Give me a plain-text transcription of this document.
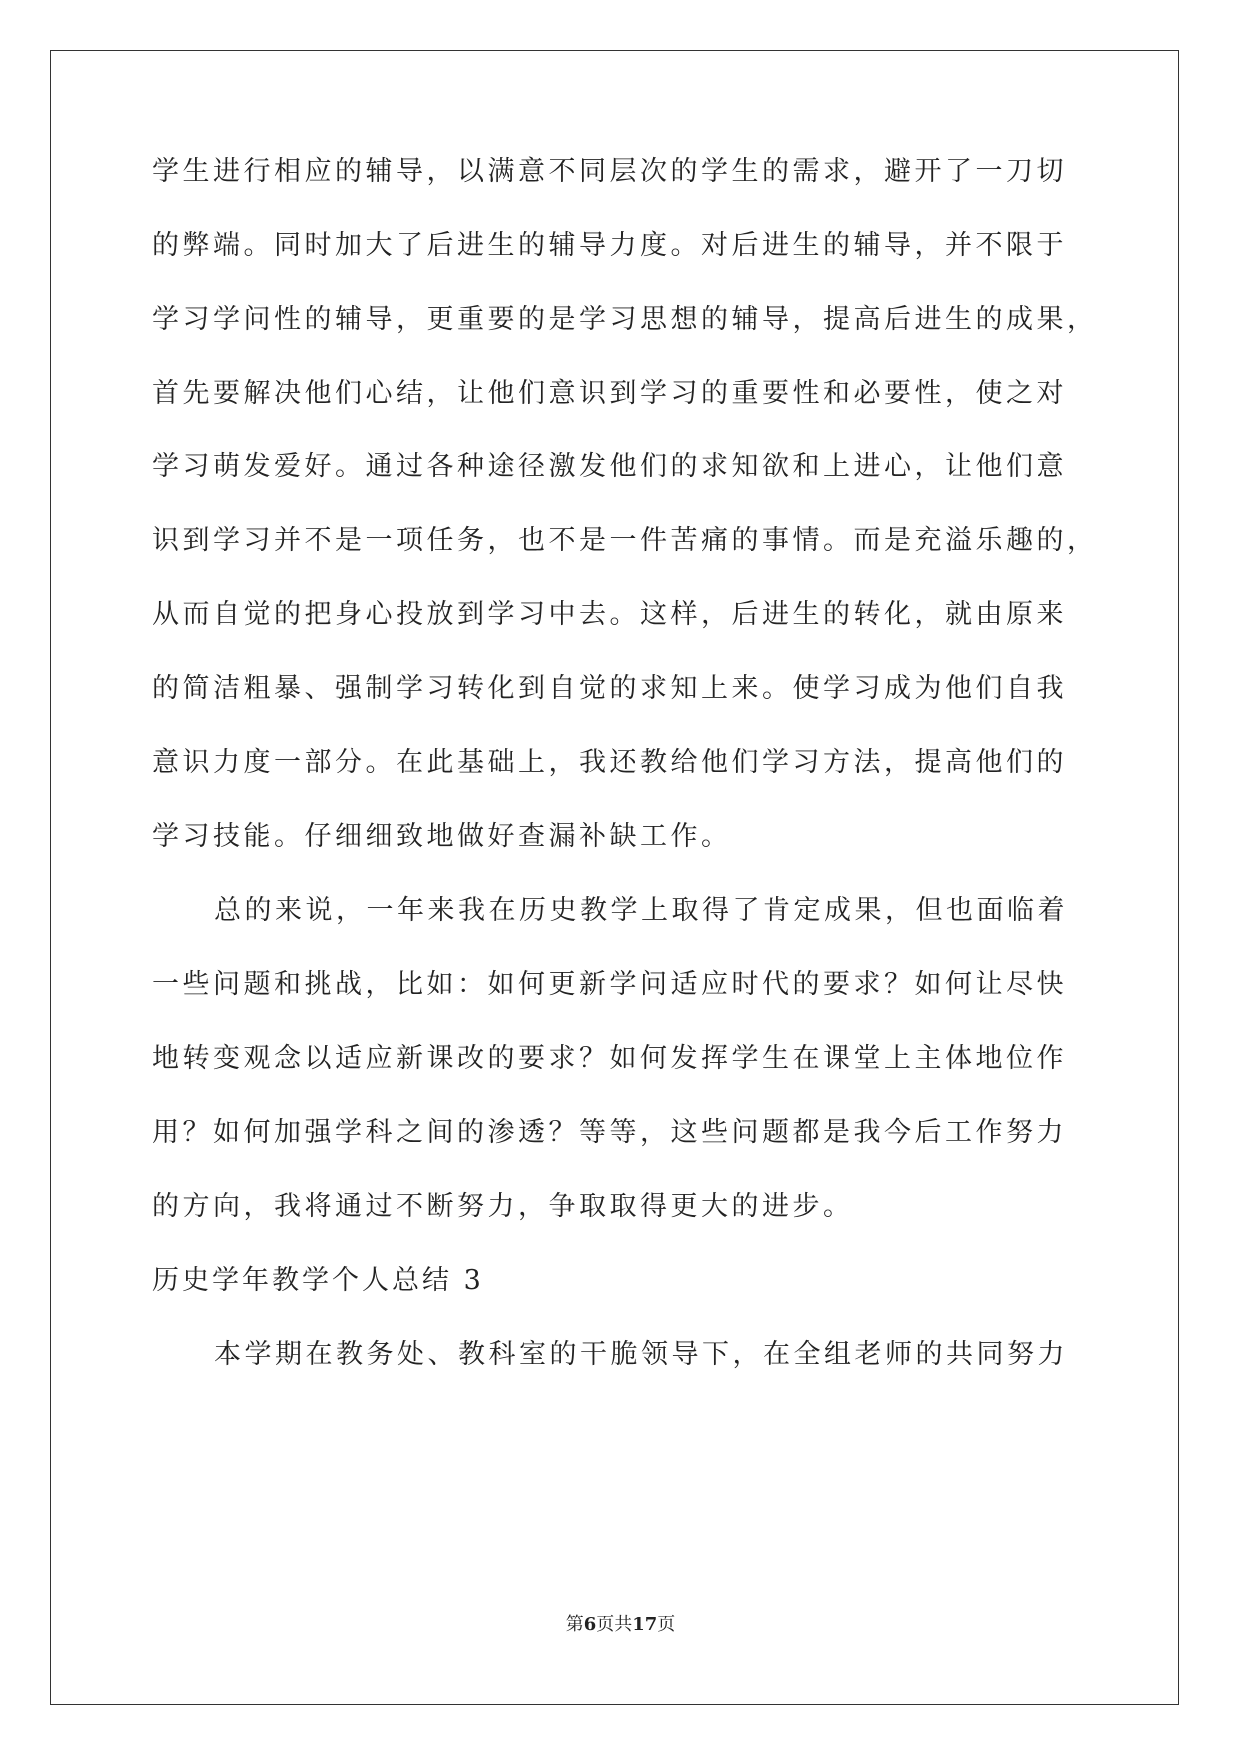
学生进行相应的辅导，以满意不同层次的学生的需求，避开了一刀切
的弊端。同时加大了后进生的辅导力度。对后进生的辅导，并不限于
学习学问性的辅导，更重要的是学习思想的辅导，提高后进生的成果，
首先要解决他们心结，让他们意识到学习的重要性和必要性，使之对
学习萌发爱好。通过各种途径激发他们的求知欲和上进心，让他们意
识到学习并不是一项任务，也不是一件苦痛的事情。而是充溢乐趣的，
从而自觉的把身心投放到学习中去。这样，后进生的转化，就由原来
的简洁粗暴、强制学习转化到自觉的求知上来。使学习成为他们自我
意识力度一部分。在此基础上，我还教给他们学习方法，提高他们的
学习技能。仔细细致地做好查漏补缺工作。
总的来说，一年来我在历史教学上取得了肯定成果，但也面临着
一些问题和挑战，比如：如何更新学问适应时代的要求？如何让尽快
地转变观念以适应新课改的要求？如何发挥学生在课堂上主体地位作
用？如何加强学科之间的渗透？等等，这些问题都是我今后工作努力
的方向，我将通过不断努力，争取取得更大的进步。
历史学年教学个人总结 3
本学期在教务处、教科室的干脆领导下，在全组老师的共同努力
第6页共17页
